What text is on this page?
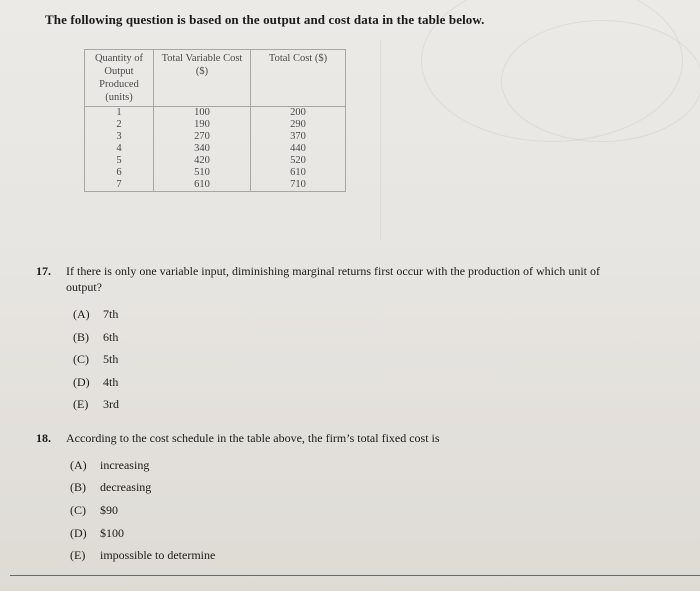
The following question is based on the output and cost data in the table below.
Quantity of Output Produced (units)	Total Variable Cost ($)	Total Cost ($)
1	100	200
2	190	290
3	270	370
4	340	440
5	420	520
6	510	610
7	610	710
17. If there is only one variable input, diminishing marginal returns first occur with the production of which unit of
output?
(A) 7th
(B) 6th
(C) 5th
(D) 4th
(E) 3rd
18. According to the cost schedule in the table above, the firm’s total fixed cost is
(A) increasing
(B) decreasing
(C) $90
(D) $100
(E) impossible to determine
